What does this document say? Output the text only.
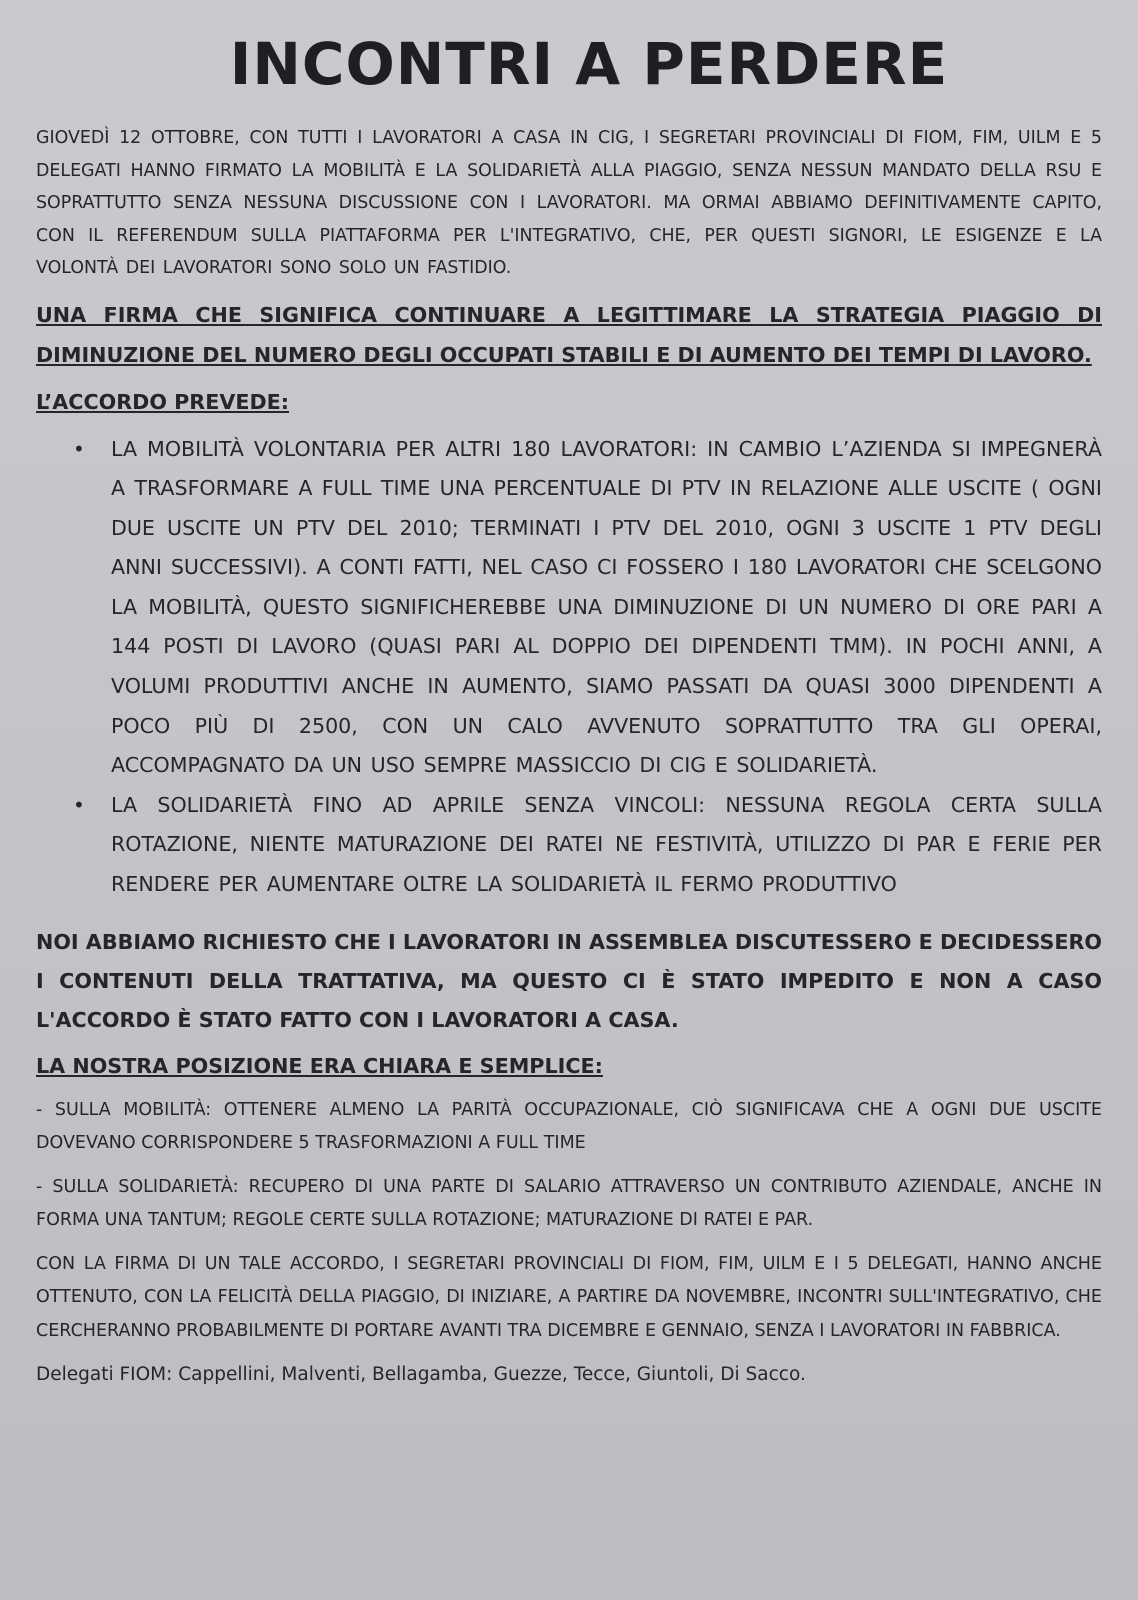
INCONTRI A PERDERE

GIOVEDÌ 12 OTTOBRE, CON TUTTI I LAVORATORI A CASA IN CIG, I SEGRETARI PROVINCIALI DI FIOM, FIM, UILM E 5 DELEGATI HANNO FIRMATO LA MOBILITÀ E LA SOLIDARIETÀ ALLA PIAGGIO, SENZA NESSUN MANDATO DELLA RSU E SOPRATTUTTO SENZA NESSUNA DISCUSSIONE CON I LAVORATORI. MA ORMAI ABBIAMO DEFINITIVAMENTE CAPITO, CON IL REFERENDUM SULLA PIATTAFORMA PER L'INTEGRATIVO, CHE, PER QUESTI SIGNORI, LE ESIGENZE E LA VOLONTÀ DEI LAVORATORI SONO SOLO UN FASTIDIO.

UNA FIRMA CHE SIGNIFICA CONTINUARE A LEGITTIMARE LA STRATEGIA PIAGGIO DI DIMINUZIONE DEL NUMERO DEGLI OCCUPATI STABILI E DI AUMENTO DEI TEMPI DI LAVORO.

L’ACCORDO PREVEDE:
• LA MOBILITÀ VOLONTARIA PER ALTRI 180 LAVORATORI: IN CAMBIO L’AZIENDA SI IMPEGNERÀ A TRASFORMARE A FULL TIME UNA PERCENTUALE DI PTV IN RELAZIONE ALLE USCITE ( OGNI DUE USCITE UN PTV DEL 2010; TERMINATI I PTV DEL 2010, OGNI 3 USCITE 1 PTV DEGLI ANNI SUCCESSIVI). A CONTI FATTI, NEL CASO CI FOSSERO I 180 LAVORATORI CHE SCELGONO LA MOBILITÀ, QUESTO SIGNIFICHEREBBE UNA DIMINUZIONE DI UN NUMERO DI ORE PARI A 144 POSTI DI LAVORO (QUASI PARI AL DOPPIO DEI DIPENDENTI TMM). IN POCHI ANNI, A VOLUMI PRODUTTIVI ANCHE IN AUMENTO, SIAMO PASSATI DA QUASI 3000 DIPENDENTI A POCO PIÙ DI 2500, CON UN CALO AVVENUTO SOPRATTUTTO TRA GLI OPERAI, ACCOMPAGNATO DA UN USO SEMPRE MASSICCIO DI CIG E SOLIDARIETÀ.
• LA SOLIDARIETÀ FINO AD APRILE SENZA VINCOLI: NESSUNA REGOLA CERTA SULLA ROTAZIONE, NIENTE MATURAZIONE DEI RATEI NE FESTIVITÀ, UTILIZZO DI PAR E FERIE PER RENDERE PER AUMENTARE OLTRE LA SOLIDARIETÀ IL FERMO PRODUTTIVO

NOI ABBIAMO RICHIESTO CHE I LAVORATORI IN ASSEMBLEA DISCUTESSERO E DECIDESSERO I CONTENUTI DELLA TRATTATIVA, MA QUESTO CI È STATO IMPEDITO E NON A CASO L'ACCORDO È STATO FATTO CON I LAVORATORI A CASA.

LA NOSTRA POSIZIONE ERA CHIARA E SEMPLICE:

- SULLA MOBILITÀ: OTTENERE ALMENO LA PARITÀ OCCUPAZIONALE, CIÒ SIGNIFICAVA CHE A OGNI DUE USCITE DOVEVANO CORRISPONDERE 5 TRASFORMAZIONI A FULL TIME

- SULLA SOLIDARIETÀ: RECUPERO DI UNA PARTE DI SALARIO ATTRAVERSO UN CONTRIBUTO AZIENDALE, ANCHE IN FORMA UNA TANTUM; REGOLE CERTE SULLA ROTAZIONE; MATURAZIONE DI RATEI E PAR.

CON LA FIRMA DI UN TALE ACCORDO, I SEGRETARI PROVINCIALI DI FIOM, FIM, UILM E I 5 DELEGATI, HANNO ANCHE OTTENUTO, CON LA FELICITÀ DELLA PIAGGIO, DI INIZIARE, A PARTIRE DA NOVEMBRE, INCONTRI SULL'INTEGRATIVO, CHE CERCHERANNO PROBABILMENTE DI PORTARE AVANTI TRA DICEMBRE E GENNAIO, SENZA I LAVORATORI IN FABBRICA.

Delegati FIOM: Cappellini, Malventi, Bellagamba, Guezze, Tecce, Giuntoli, Di Sacco.
